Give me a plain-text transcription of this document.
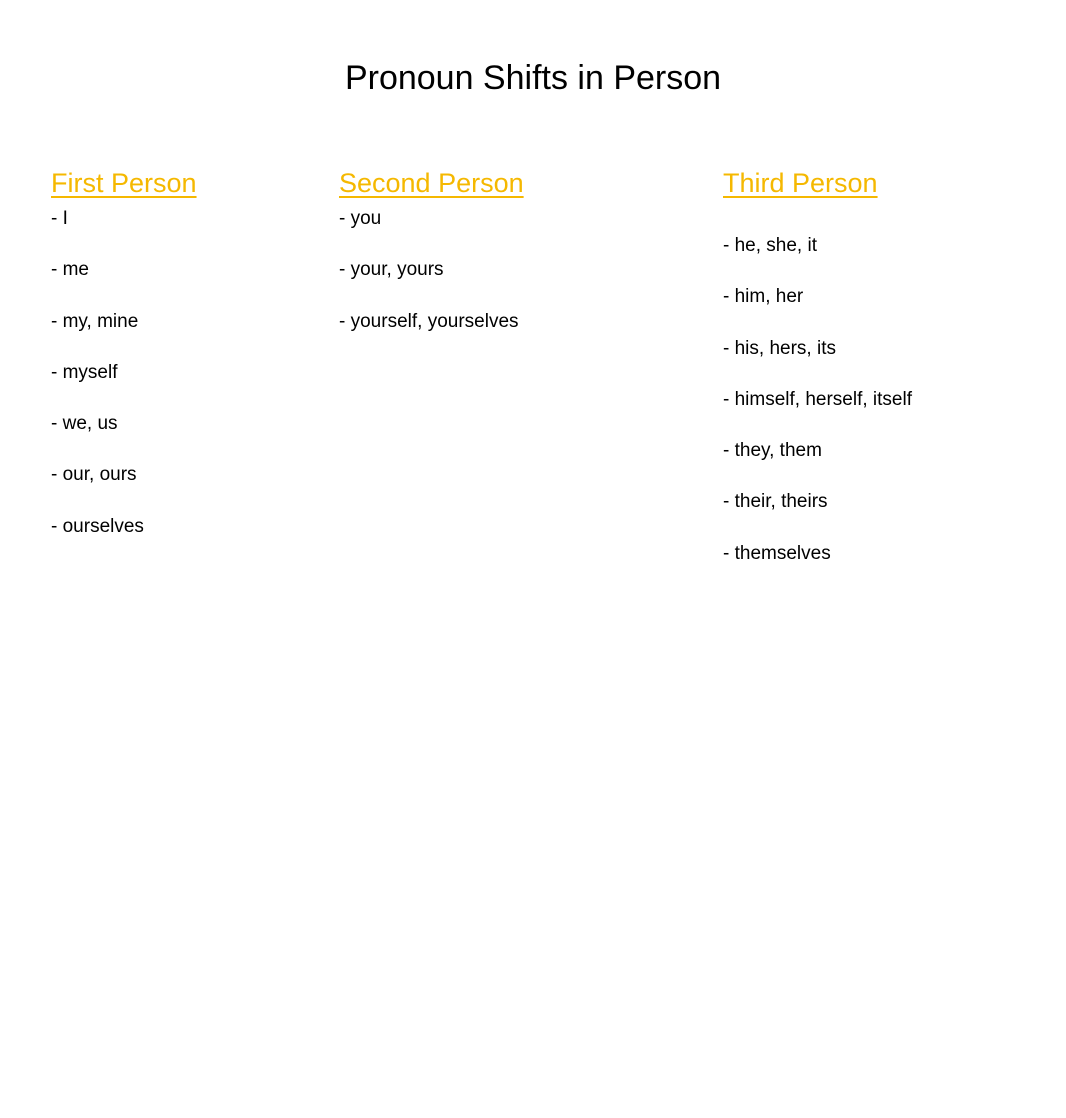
Pronoun Shifts in Person
First Person
- I
- me
- my, mine
- myself
- we, us
- our, ours
- ourselves
Second Person
- you
- your, yours
- yourself, yourselves
Third Person
- he, she, it
- him, her
- his, hers, its
- himself, herself, itself
- they, them
- their, theirs
- themselves
